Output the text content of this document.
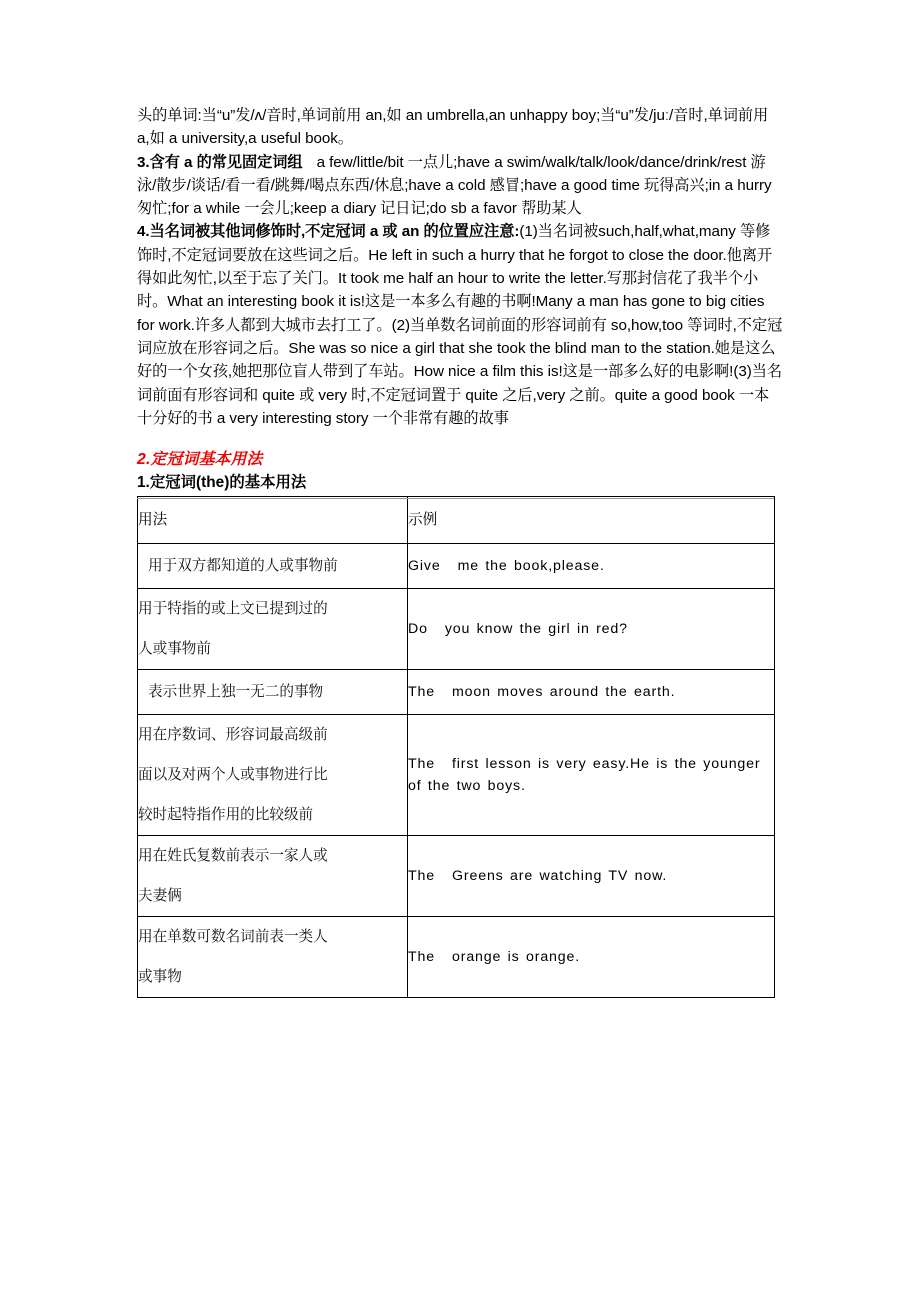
头的单词:当“u”发/ʌ/音时,单词前用 an,如 an umbrella,an unhappy boy;当“u”发/juː/音时,单词前用 a,如 a university,a useful book。

3.含有 a 的常见固定词组 a few/little/bit 一点儿;have a swim/walk/talk/look/dance/drink/rest 游泳/散步/谈话/看一看/跳舞/喝点东西/休息;have a cold 感冒;have a good time 玩得高兴;in a hurry 匆忙;for a while 一会儿;keep a diary 记日记;do sb a favor 帮助某人

4.当名词被其他词修饰时,不定冠词 a 或 an 的位置应注意:(1)当名词被such,half,what,many 等修饰时,不定冠词要放在这些词之后。He left in such a hurry that he forgot to close the door.他离开得如此匆忙,以至于忘了关门。It took me half an hour to write the letter.写那封信花了我半个小时。What an interesting book it is!这是一本多么有趣的书啊!Many a man has gone to big cities for work.许多人都到大城市去打工了。(2)当单数名词前面的形容词前有 so,how,too 等词时,不定冠词应放在形容词之后。She was so nice a girl that she took the blind man to the station.她是这么好的一个女孩,她把那位盲人带到了车站。How nice a film this is!这是一部多么好的电影啊!(3)当名词前面有形容词和 quite 或 very 时,不定冠词置于 quite 之后,very 之前。quite a good book 一本十分好的书 a very interesting story 一个非常有趣的故事

2.定冠词基本用法
1.定冠词(the)的基本用法
用法	示例
用于双方都知道的人或事物前	Give me the book,please.
用于特指的或上文已提到过的
人或事物前	Do you know the girl in red?
表示世界上独一无二的事物	The moon moves around the earth.
用在序数词、形容词最高级前
面以及对两个人或事物进行比
较时起特指作用的比较级前	The first lesson is very easy.He is the younger of the two boys.
用在姓氏复数前表示一家人或
夫妻俩	The Greens are watching TV now.
用在单数可数名词前表一类人
或事物	The orange is orange.
